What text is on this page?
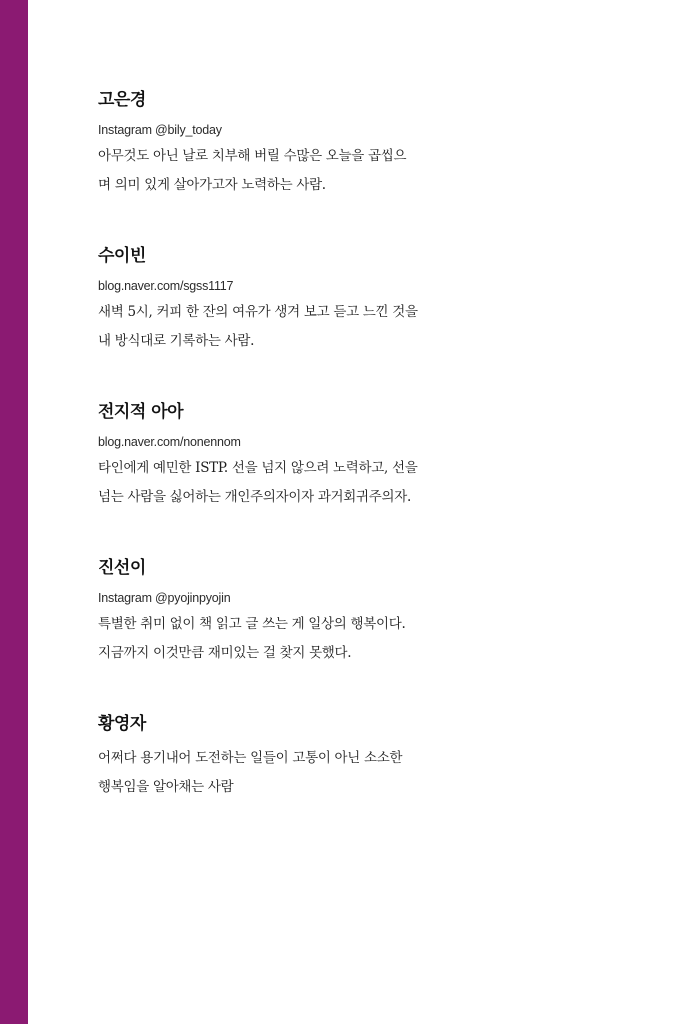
고은경
Instagram @bily_today
아무것도 아닌 날로 치부해 버릴 수많은 오늘을 곱씹으
며 의미 있게 살아가고자 노력하는 사람.
수이빈
blog.naver.com/sgss1117
새벽 5시, 커피 한 잔의 여유가 생겨 보고 듣고 느낀 것을
내 방식대로 기록하는 사람.
전지적 아아
blog.naver.com/nonennom
타인에게 예민한 ISTP. 선을 넘지 않으려 노력하고, 선을
넘는 사람을 싫어하는 개인주의자이자 과거회귀주의자.
진선이
Instagram @pyojinpyojin
특별한 취미 없이 책 읽고 글 쓰는 게 일상의 행복이다.
지금까지 이것만큼 재미있는 걸 찾지 못했다.
황영자
어쩌다 용기내어 도전하는 일들이 고통이 아닌 소소한
행복임을 알아채는 사람
